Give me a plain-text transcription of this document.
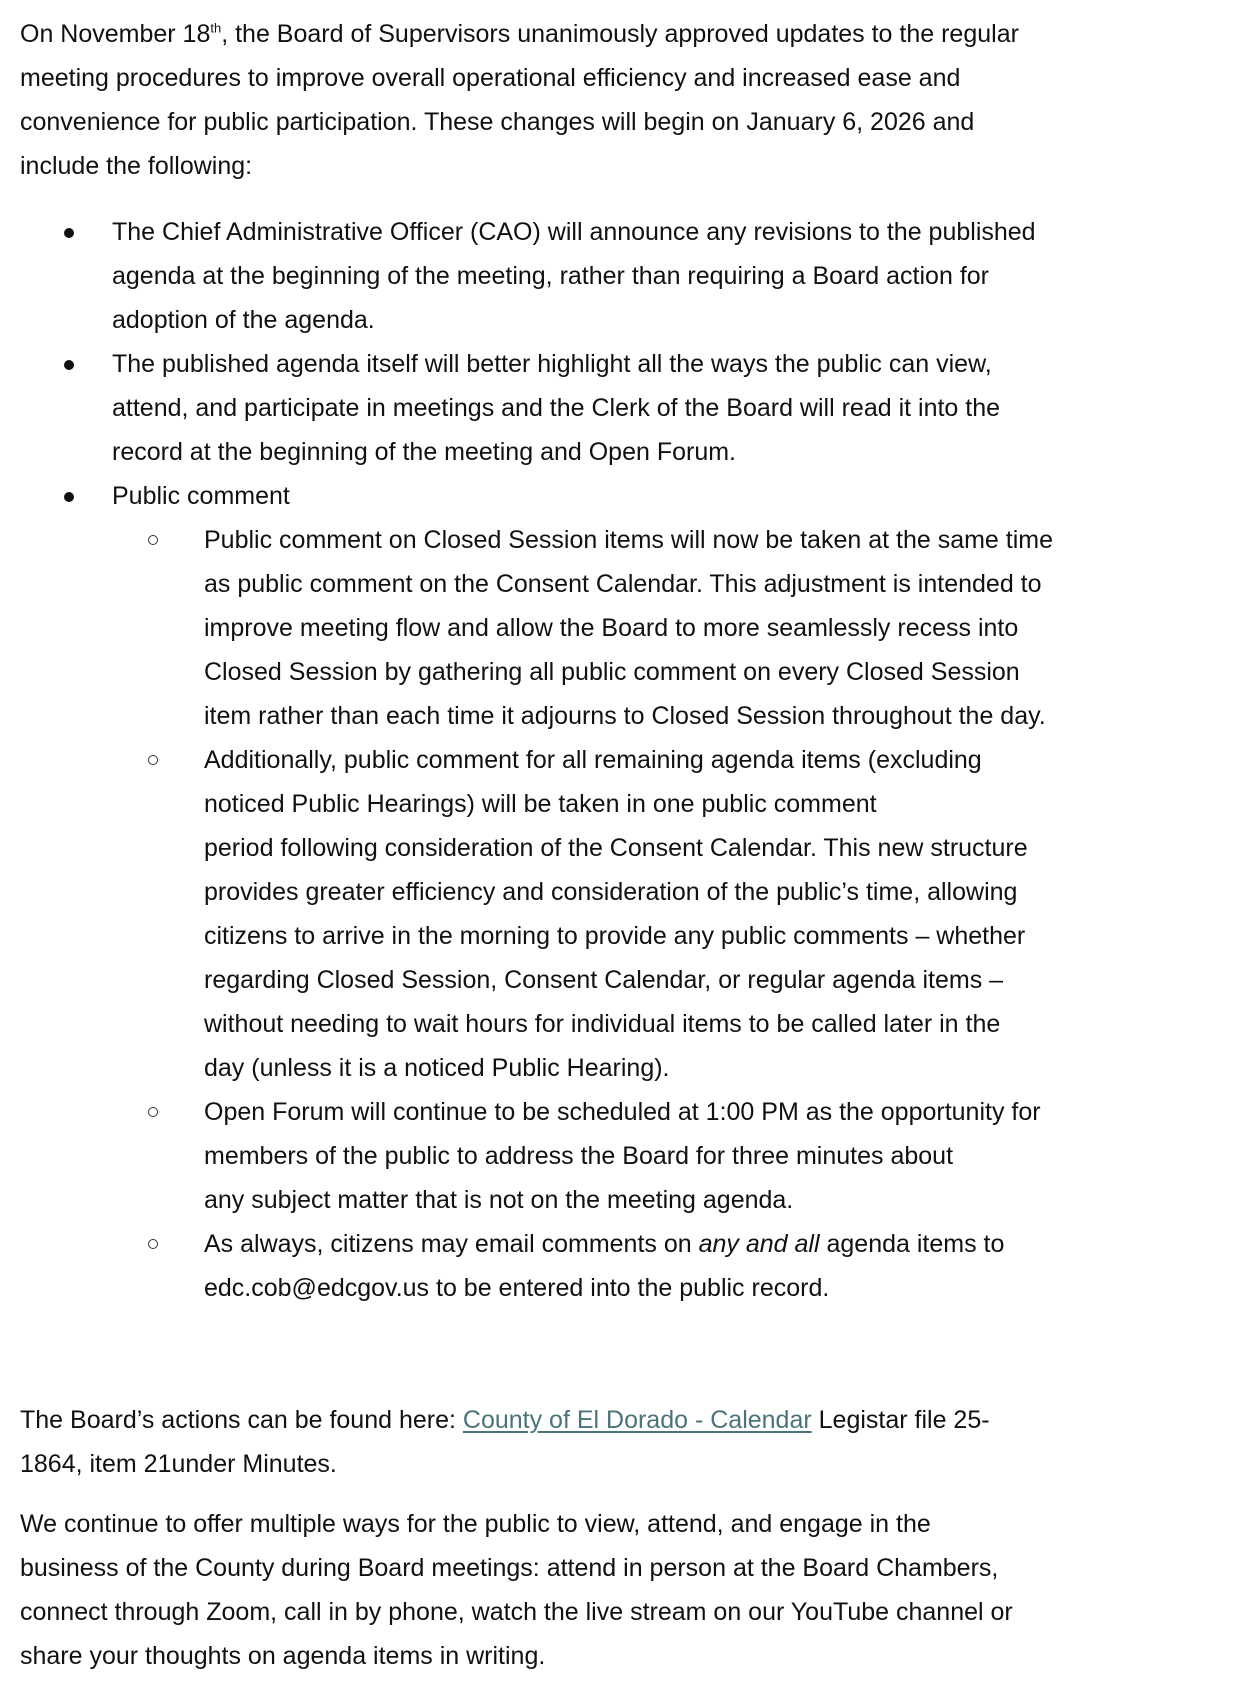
On November 18th, the Board of Supervisors unanimously approved updates to the regular
meeting procedures to improve overall operational efficiency and increased ease and
convenience for public participation. These changes will begin on January 6, 2026 and
include the following:

The Chief Administrative Officer (CAO) will announce any revisions to the published
agenda at the beginning of the meeting, rather than requiring a Board action for
adoption of the agenda.
The published agenda itself will better highlight all the ways the public can view,
attend, and participate in meetings and the Clerk of the Board will read it into the
record at the beginning of the meeting and Open Forum.
Public comment
Public comment on Closed Session items will now be taken at the same time
as public comment on the Consent Calendar. This adjustment is intended to
improve meeting flow and allow the Board to more seamlessly recess into
Closed Session by gathering all public comment on every Closed Session
item rather than each time it adjourns to Closed Session throughout the day.
Additionally, public comment for all remaining agenda items (excluding
noticed Public Hearings) will be taken in one public comment
period following consideration of the Consent Calendar. This new structure
provides greater efficiency and consideration of the public’s time, allowing
citizens to arrive in the morning to provide any public comments – whether
regarding Closed Session, Consent Calendar, or regular agenda items –
without needing to wait hours for individual items to be called later in the
day (unless it is a noticed Public Hearing).
Open Forum will continue to be scheduled at 1:00 PM as the opportunity for
members of the public to address the Board for three minutes about
any subject matter that is not on the meeting agenda.
As always, citizens may email comments on any and all agenda items to
edc.cob@edcgov.us to be entered into the public record.

The Board’s actions can be found here: County of El Dorado - Calendar Legistar file 25-
1864, item 21under Minutes.

We continue to offer multiple ways for the public to view, attend, and engage in the
business of the County during Board meetings: attend in person at the Board Chambers,
connect through Zoom, call in by phone, watch the live stream on our YouTube channel or
share your thoughts on agenda items in writing.
